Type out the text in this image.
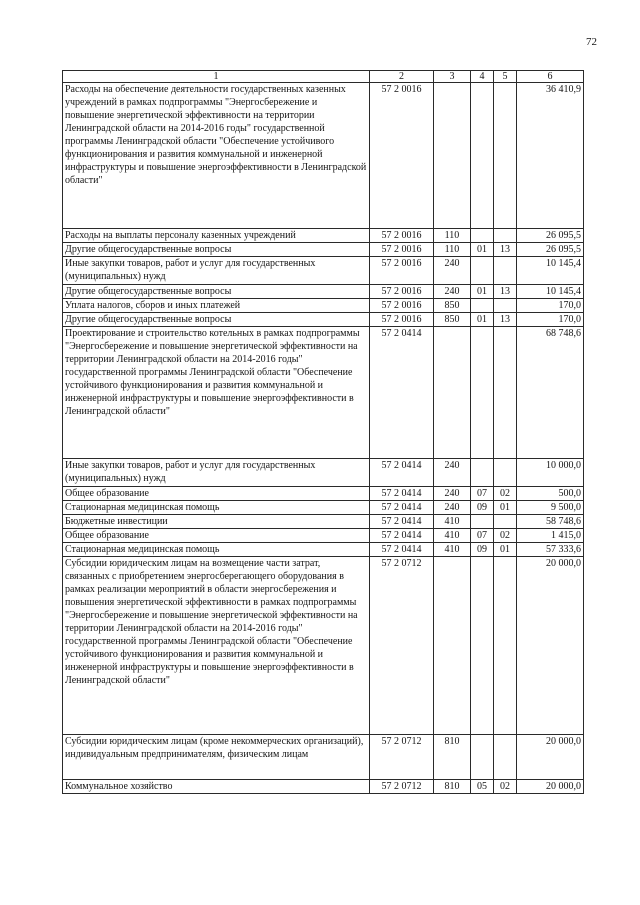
72
1	2	3	4	5	6
Расходы на обеспечение деятельности государственных казенных учреждений в рамках подпрограммы "Энергосбережение и повышение энергетической эффективности на территории Ленинградской области на 2014-2016 годы" государственной программы Ленинградской области "Обеспечение устойчивого функционирования и развития коммунальной и инженерной инфраструктуры и повышение энергоэффективности в Ленинградской области"	57 2 0016				36 410,9
Расходы на выплаты персоналу казенных учреждений	57 2 0016	110			26 095,5
Другие общегосударственные вопросы	57 2 0016	110	01	13	26 095,5
Иные закупки товаров, работ и услуг для государственных (муниципальных) нужд	57 2 0016	240			10 145,4
Другие общегосударственные вопросы	57 2 0016	240	01	13	10 145,4
Уплата налогов, сборов и иных платежей	57 2 0016	850			170,0
Другие общегосударственные вопросы	57 2 0016	850	01	13	170,0
Проектирование и строительство котельных в рамках подпрограммы "Энергосбережение и повышение энергетической эффективности на территории Ленинградской области на 2014-2016 годы" государственной программы Ленинградской области "Обеспечение устойчивого функционирования и развития коммунальной и инженерной инфраструктуры и повышение энергоэффективности в Ленинградской области"	57 2 0414				68 748,6
Иные закупки товаров, работ и услуг для государственных (муниципальных) нужд	57 2 0414	240			10 000,0
Общее образование	57 2 0414	240	07	02	500,0
Стационарная медицинская помощь	57 2 0414	240	09	01	9 500,0
Бюджетные инвестиции	57 2 0414	410			58 748,6
Общее образование	57 2 0414	410	07	02	1 415,0
Стационарная медицинская помощь	57 2 0414	410	09	01	57 333,6
Субсидии юридическим лицам на возмещение части затрат, связанных с приобретением энергосберегающего оборудования в рамках реализации мероприятий в области энергосбережения и повышения энергетической эффективности в рамках подпрограммы "Энергосбережение и повышение энергетической эффективности на территории Ленинградской области на 2014-2016 годы" государственной программы Ленинградской области "Обеспечение устойчивого функционирования и развития коммунальной и инженерной инфраструктуры и повышение энергоэффективности в Ленинградской области"	57 2 0712				20 000,0
Субсидии юридическим лицам (кроме некоммерческих организаций), индивидуальным предпринимателям, физическим лицам	57 2 0712	810			20 000,0
Коммунальное хозяйство	57 2 0712	810	05	02	20 000,0
